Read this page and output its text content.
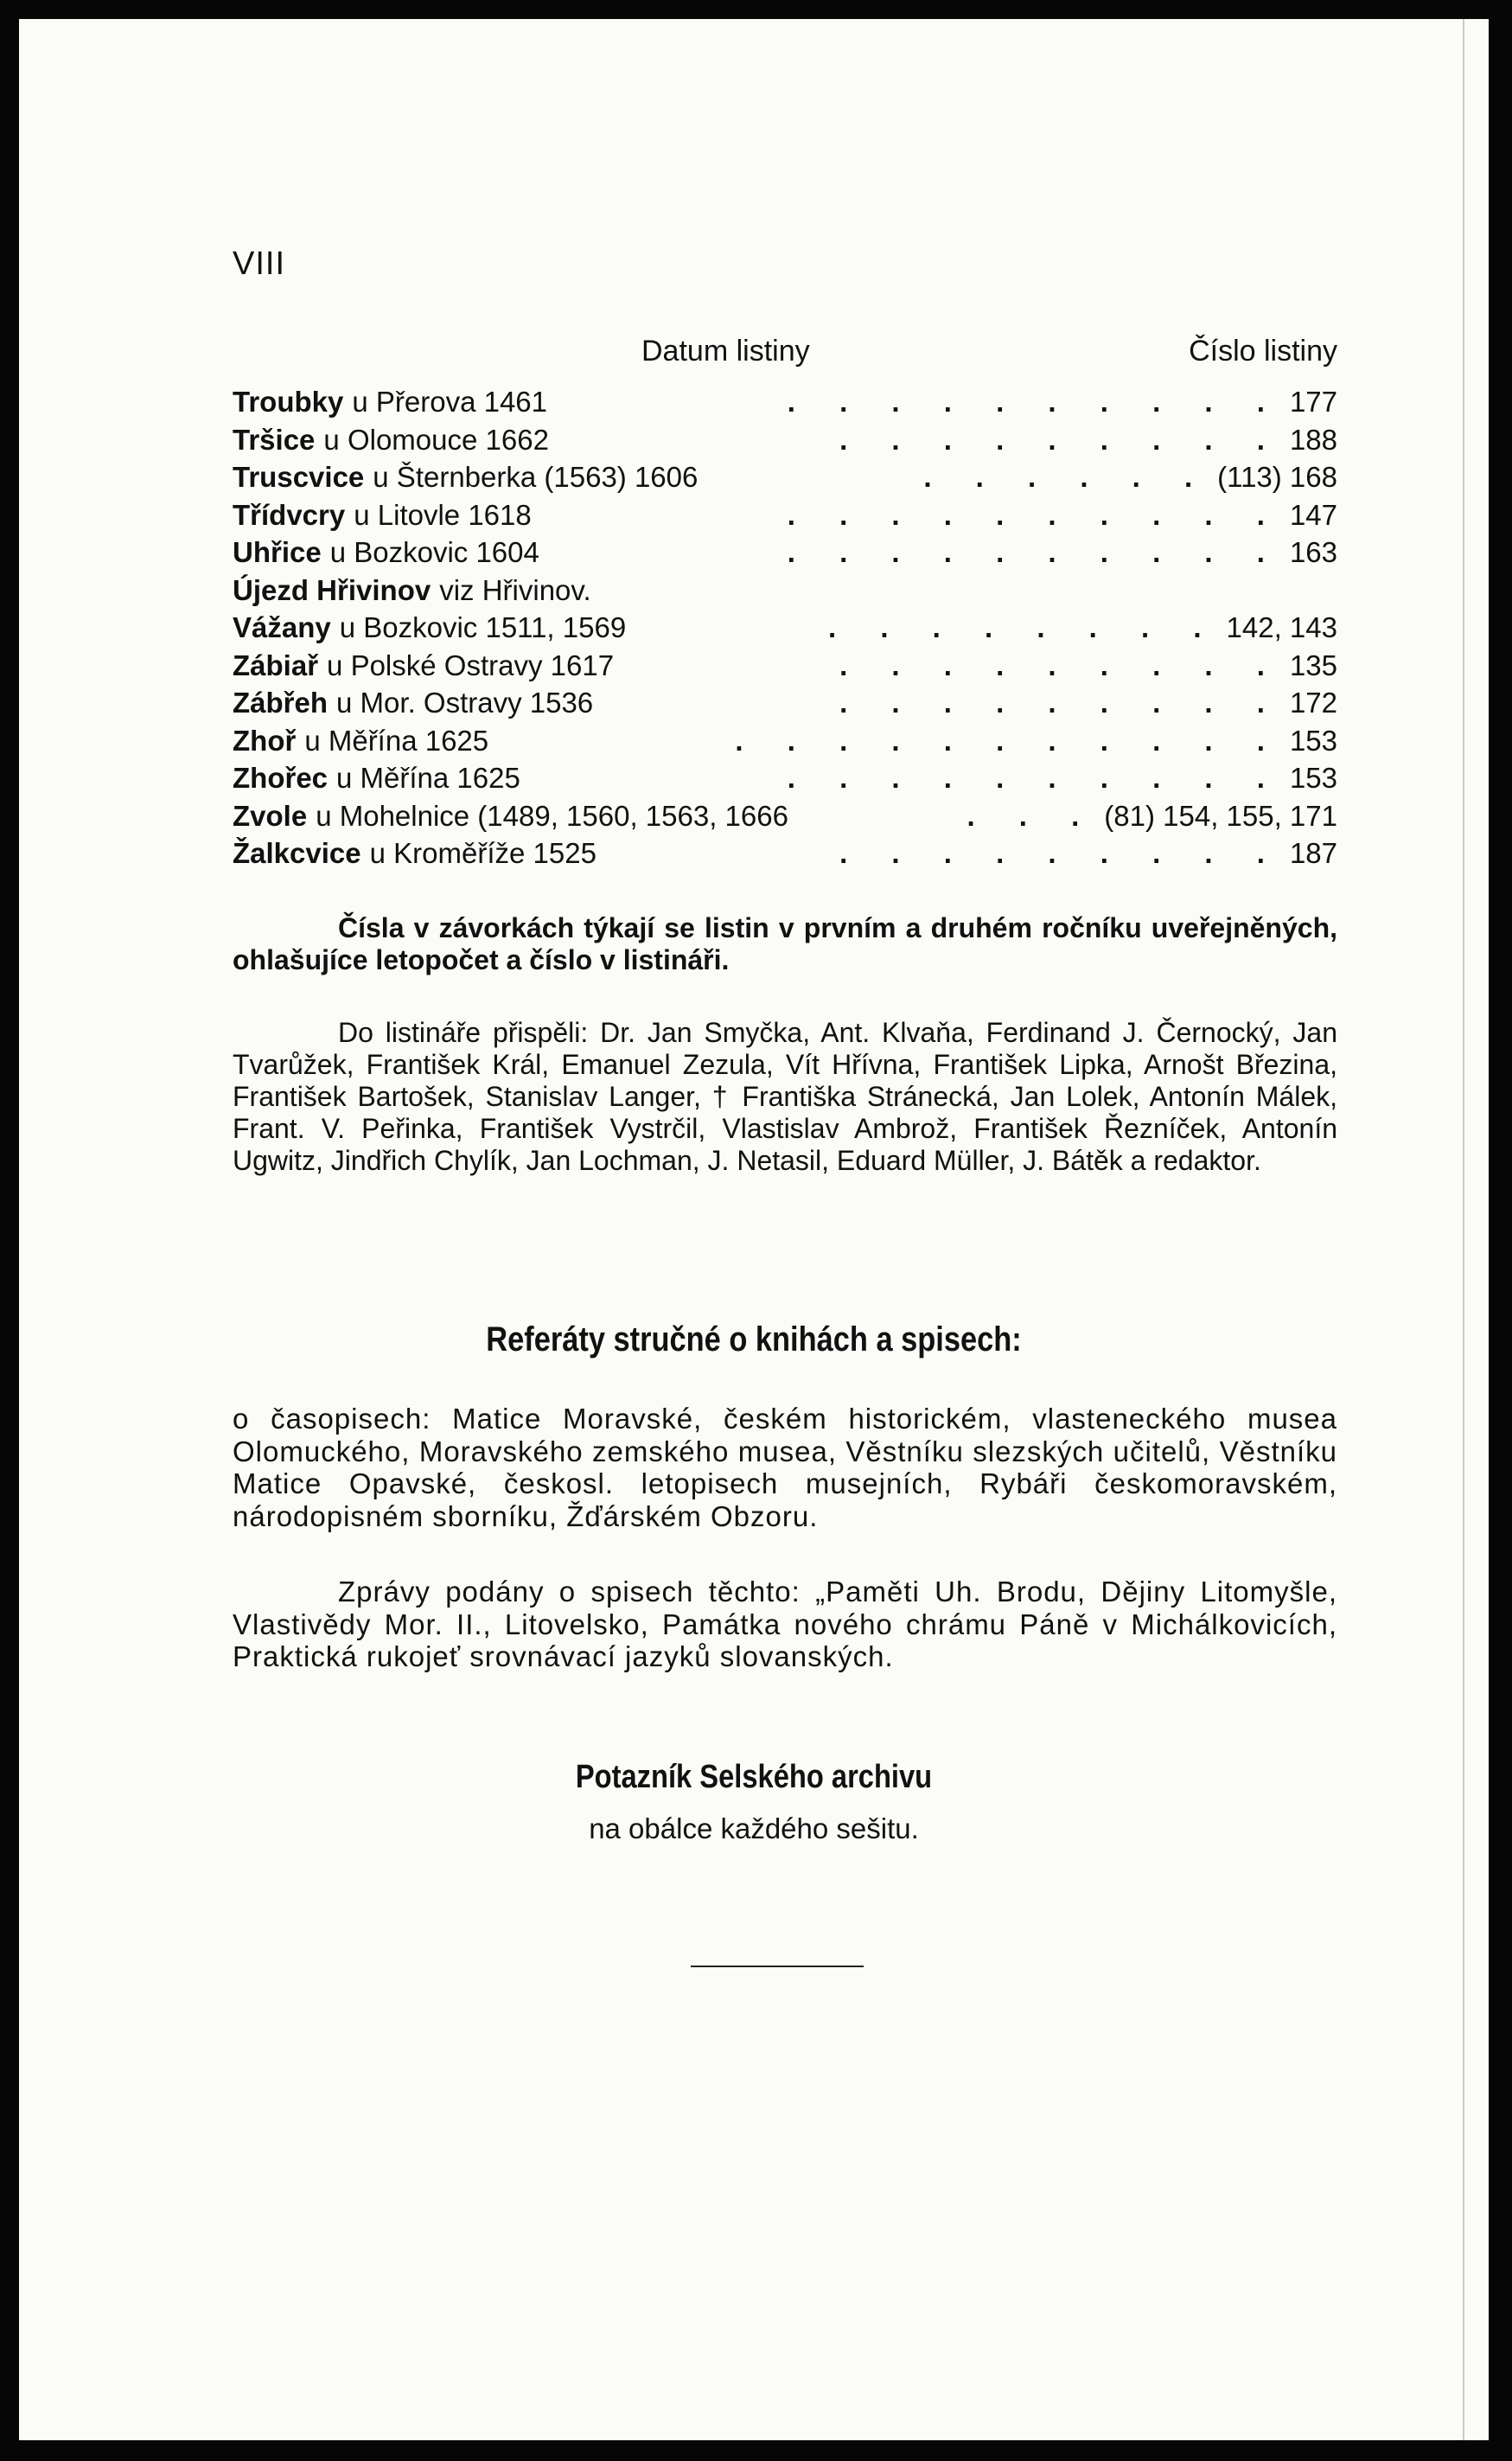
VIII
Datum listiny	Číslo listiny
Troubky u Přerova 1461	. . . . . . . . . . 177
Tršice u Olomouce 1662	. . . . . . . . . 188
Truscvice u Šternberka (1563) 1606	. . . . . . (113) 168
Třídvcry u Litovle 1618	. . . . . . . . . . 147
Uhřice u Bozkovic 1604	. . . . . . . . . . 163
Újezd Hřivinov viz Hřivinov.
Vážany u Bozkovic 1511, 1569	. . . . . . . . 142, 143
Zábiař u Polské Ostravy 1617	. . . . . . . . . 135
Zábřeh u Mor. Ostravy 1536	. . . . . . . . . 172
Zhoř u Měřína 1625	. . . . . . . . . . . 153
Zhořec u Měřína 1625	. . . . . . . . . . 153
Zvole u Mohelnice (1489, 1560, 1563, 1666	. . . (81) 154, 155, 171
Žalkcvice u Kroměříže 1525	. . . . . . . . . 187

Čísla v závorkách týkají se listin v prvním a druhém ročníku uveřejněných, ohlašujíce letopočet a číslo v listináři.

Do listináře přispěli: Dr. Jan Smyčka, Ant. Klvaňa, Ferdinand J. Černocký, Jan Tvarůžek, František Král, Emanuel Zezula, Vít Hřívna, František Lipka, Arnošt Březina, František Bartošek, Stanislav Langer, † Františka Stránecká, Jan Lolek, Antonín Málek, Frant. V. Peřinka, František Vystrčil, Vlastislav Ambrož, František Řezníček, Antonín Ugwitz, Jindřich Chylík, Jan Lochman, J. Netasil, Eduard Müller, J. Bátěk a redaktor.

Referáty stručné o knihách a spisech:

o časopisech: Matice Moravské, českém historickém, vlasteneckého musea Olomuckého, Moravského zemského musea, Věstníku slezských učitelů, Věstníku Matice Opavské, českosl. letopisech musejních, Rybáři českomoravském, národopisném sborníku, Žďárském Obzoru.

Zprávy podány o spisech těchto: „Paměti Uh. Brodu, Dějiny Litomyšle, Vlastivědy Mor. II., Litovelsko, Památka nového chrámu Páně v Michálkovicích, Praktická rukojeť srovnávací jazyků slovanských.

Potazník Selského archivu

na obálce každého sešitu.
